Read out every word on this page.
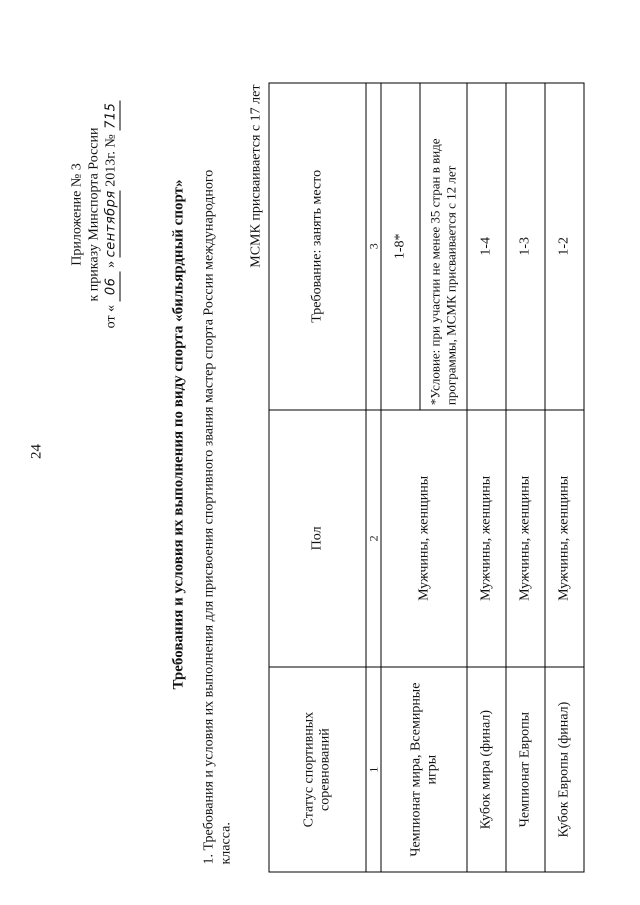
24
Приложение № 3 к приказу Минспорта России
от « 06 » сентября 2013г. № 715
Требования и условия их выполнения по виду спорта «бильярдный спорт» 1. Требования и условия их выполнения для присвоения спортивного звания мастер спорта России международного класса.
МСМК присваивается с 17 лет
Статус спортивных соревнований	Пол	Требование: занять место
1	2	3
Чемпионат мира, Всемирные игры	Мужчины, женщины	1-8*
		*Условие: при участии не менее 35 стран в виде программы, МСМК присваивается с 12 лет
Кубок мира (финал)	Мужчины, женщины	1-4
Чемпионат Европы	Мужчины, женщины	1-3
Кубок Европы (финал)	Мужчины, женщины	1-2
